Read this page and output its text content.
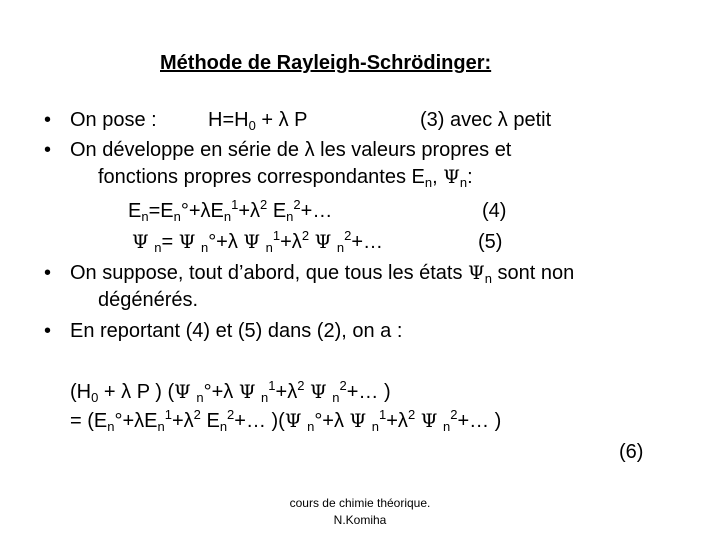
Méthode de Rayleigh-Schrödinger:
• On pose :	$H=H_0 + \lambda$ P	(3) avec λ petit
• On développe en série de λ les valeurs propres et
fonctions propres correspondantes $E_n$, $\Psi_n$:
$E_n=E_n^\circ+\lambda E_n^1+\lambda^2$ $E_n^2+\dots$	(4)
Ψ $_n$= Ψ $_n$°+λ Ψ $_n^1+\lambda^2$ Ψ $_n^2$+…	(5)
• On suppose, tout d’abord, que tous les états $\Psi_n$ sont non
dégénérés.
• En reportant (4) et (5) dans (2), on a :
($H_0 + \lambda$ P ) (Ψ $_n$°+λ Ψ $_n^1+\lambda^2$ Ψ $_n^2$+… )
= ($E_n^\circ+\lambda E_n^1+\lambda^2$ $E_n^2+\dots$ )(Ψ $_n$°+λ Ψ $_n^1+\lambda^2$ Ψ $_n^2$+… )
(6)
cours de chimie théorique.
N.Komiha
